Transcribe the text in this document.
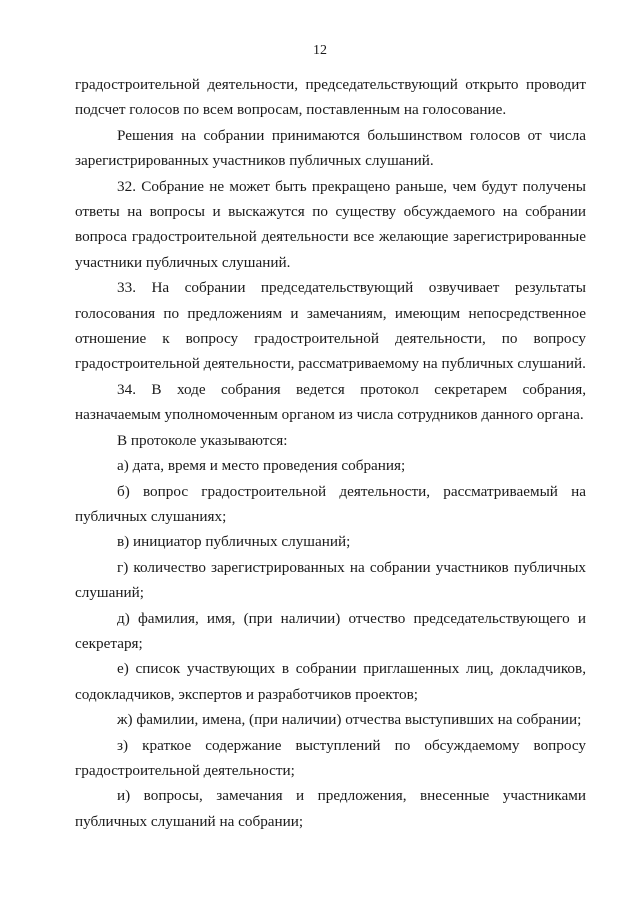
12

градостроительной деятельности, председательствующий открыто проводит подсчет голосов по всем вопросам, поставленным на голосование.

Решения на собрании принимаются большинством голосов от числа зарегистрированных участников публичных слушаний.

32. Собрание не может быть прекращено раньше, чем будут получены ответы на вопросы и выскажутся по существу обсуждаемого на собрании вопроса градостроительной деятельности все желающие зарегистрированные участники публичных слушаний.

33. На собрании председательствующий озвучивает результаты голосования по предложениям и замечаниям, имеющим непосредственное отношение к вопросу градостроительной деятельности, по вопросу градостроительной деятельности, рассматриваемому на публичных слушаний.

34. В ходе собрания ведется протокол секретарем собрания, назначаемым уполномоченным органом из числа сотрудников данного органа.

В протоколе указываются:

а) дата, время и место проведения собрания;

б) вопрос градостроительной деятельности, рассматриваемый на публичных слушаниях;

в) инициатор публичных слушаний;

г) количество зарегистрированных на собрании участников публичных слушаний;

д) фамилия, имя, (при наличии) отчество председательствующего и секретаря;

е) список участвующих в собрании приглашенных лиц, докладчиков, содокладчиков, экспертов и разработчиков проектов;

ж) фамилии, имена, (при наличии) отчества выступивших на собрании;

з) краткое содержание выступлений по обсуждаемому вопросу градостроительной деятельности;

и) вопросы, замечания и предложения, внесенные участниками публичных слушаний на собрании;
